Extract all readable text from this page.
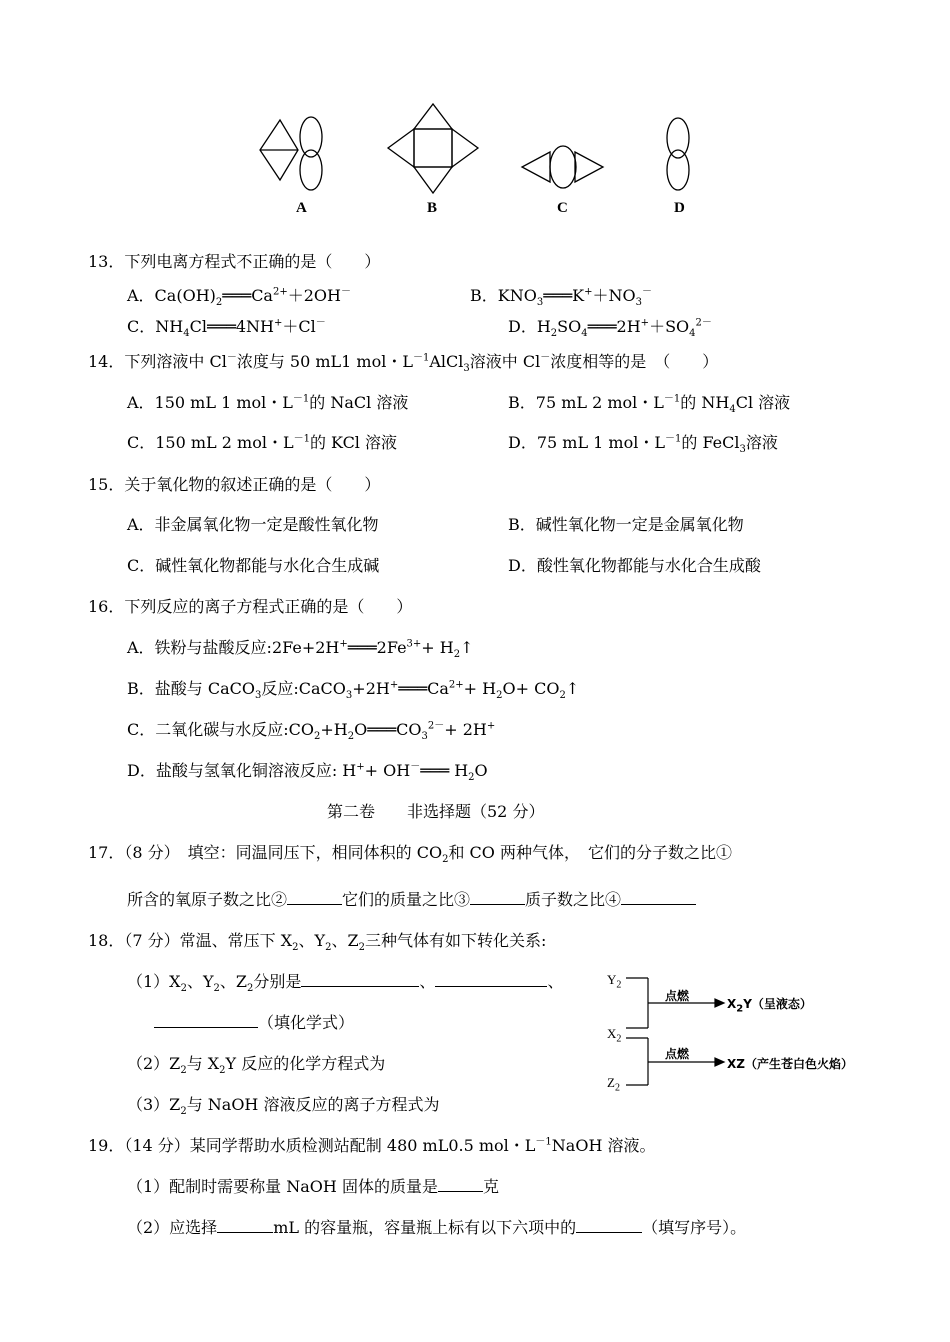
A	B	C	D
13．下列电离方程式不正确的是（　　）
A．$Ca(OH)_2═══Ca^{2+}+2OH^-$	B．$KNO_3═══K^++NO_3^-$
C．$NH_4Cl═══4NH^++Cl^-$	D．$H_2SO_4═══2H^++SO_4^{2-}$
14．下列溶液中 Cl－浓度与 50 mL1 mol・$L^{-1}AlCl_3$溶液中 Cl－浓度相等的是　（　　）
A．150 mL 1 mol・$L^{-1}$的 NaCl 溶液	B．75 mL 2 mol・$L^{-1}$的 $NH_4Cl$ 溶液
C．150 mL 2 mol・$L^{-1}$的 KCl 溶液	D．75 mL 1 mol・$L^{-1}$的 FeCl$_3$溶液
15．关于氧化物的叙述正确的是（　　）
A．非金属氧化物一定是酸性氧化物	B．碱性氧化物一定是金属氧化物
C．碱性氧化物都能与水化合生成碱	D．酸性氧化物都能与水化合生成酸
16．下列反应的离子方程式正确的是（　　）
A．铁粉与盐酸反应$:2Fe+2H^+═══2Fe^{3+}+$ $H_2↑$
B．盐酸与 CaCO$_3$反应$:CaCO_3+2H^+═══Ca^{2+}+ H_2O+$ $CO_2↑$
C．二氧化碳与水反应$:CO_2+H_2O═══CO_3^{2-}+ 2H^+$
D．盐酸与氢氧化铜溶液反应: H++ OH－═══ $H_2O$
第二卷　　非选择题（52 分）
17．（8 分）　填空：同温同压下，相同体积的 $CO_2$和 CO 两种气体，　它们的分子数之比①
所含的氧原子数之比②	它们的质量之比③	质子数之比④
18．（7 分）常温、常压下 $X_2$、$Y_2$、$Z_2$三种气体有如下转化关系:
$(1)X_2$、$Y_2$、$Z_2$分别是	、	、
（填化学式）
$(2)Z_2$与 $X_2Y$ 反应的化学方程式为
$(3)Z_2$与 NaOH 溶液反应的离子方程式为
$Y_2$
$X_2$
$Z_2$
点燃
点燃
$X_2Y$（呈液态）
XZ（产生苍白色火焰）
19．（14 分）某同学帮助水质检测站配制 480 mL0.5 mol・$L^{-1}NaOH$ 溶液。
（1）配制时需要称量 NaOH 固体的质量是	克
（2）应选择	mL 的容量瓶，容量瓶上标有以下六项中的	（填写序号）。
